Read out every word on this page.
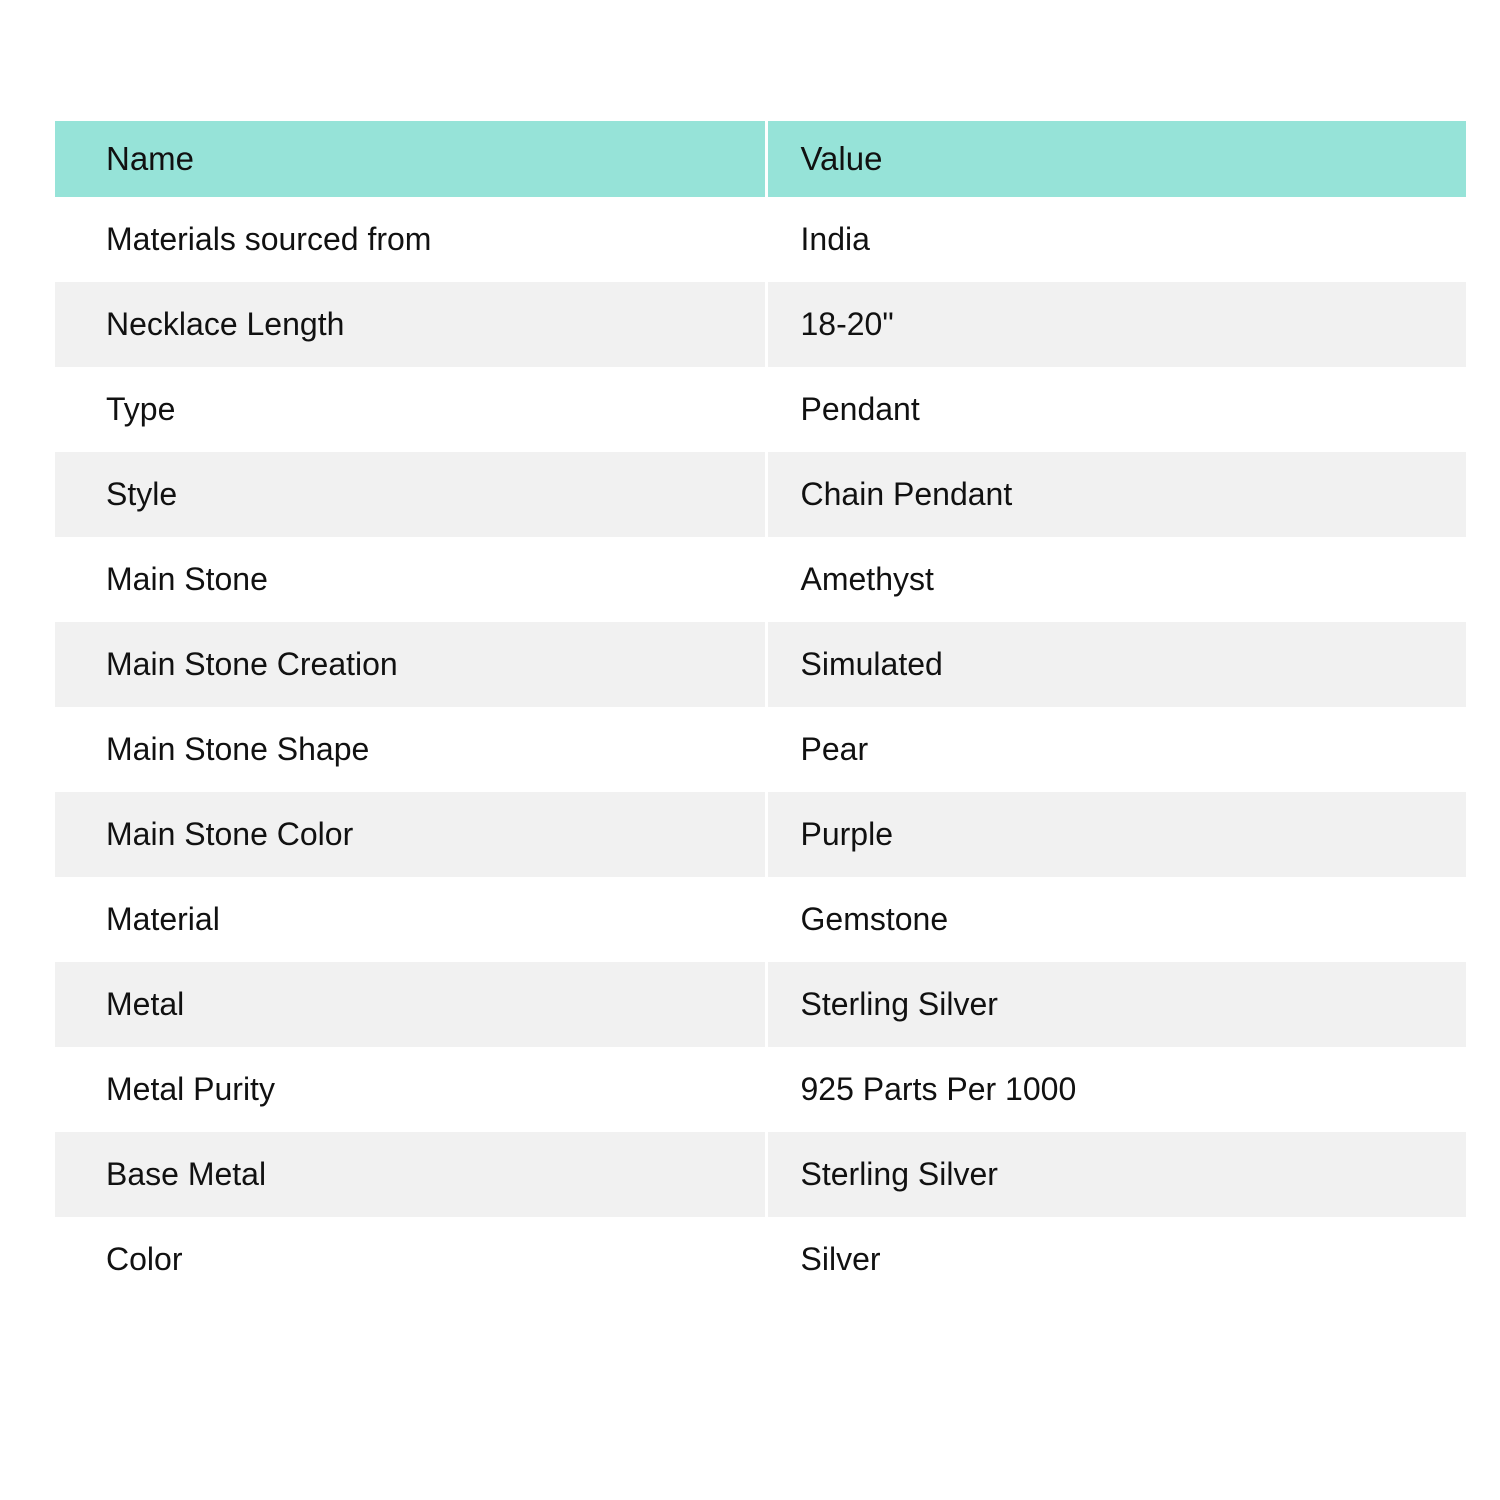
Name	Value
Materials sourced from	India
Necklace Length	18-20"
Type	Pendant
Style	Chain Pendant
Main Stone	Amethyst
Main Stone Creation	Simulated
Main Stone Shape	Pear
Main Stone Color	Purple
Material	Gemstone
Metal	Sterling Silver
Metal Purity	925 Parts Per 1000
Base Metal	Sterling Silver
Color	Silver
